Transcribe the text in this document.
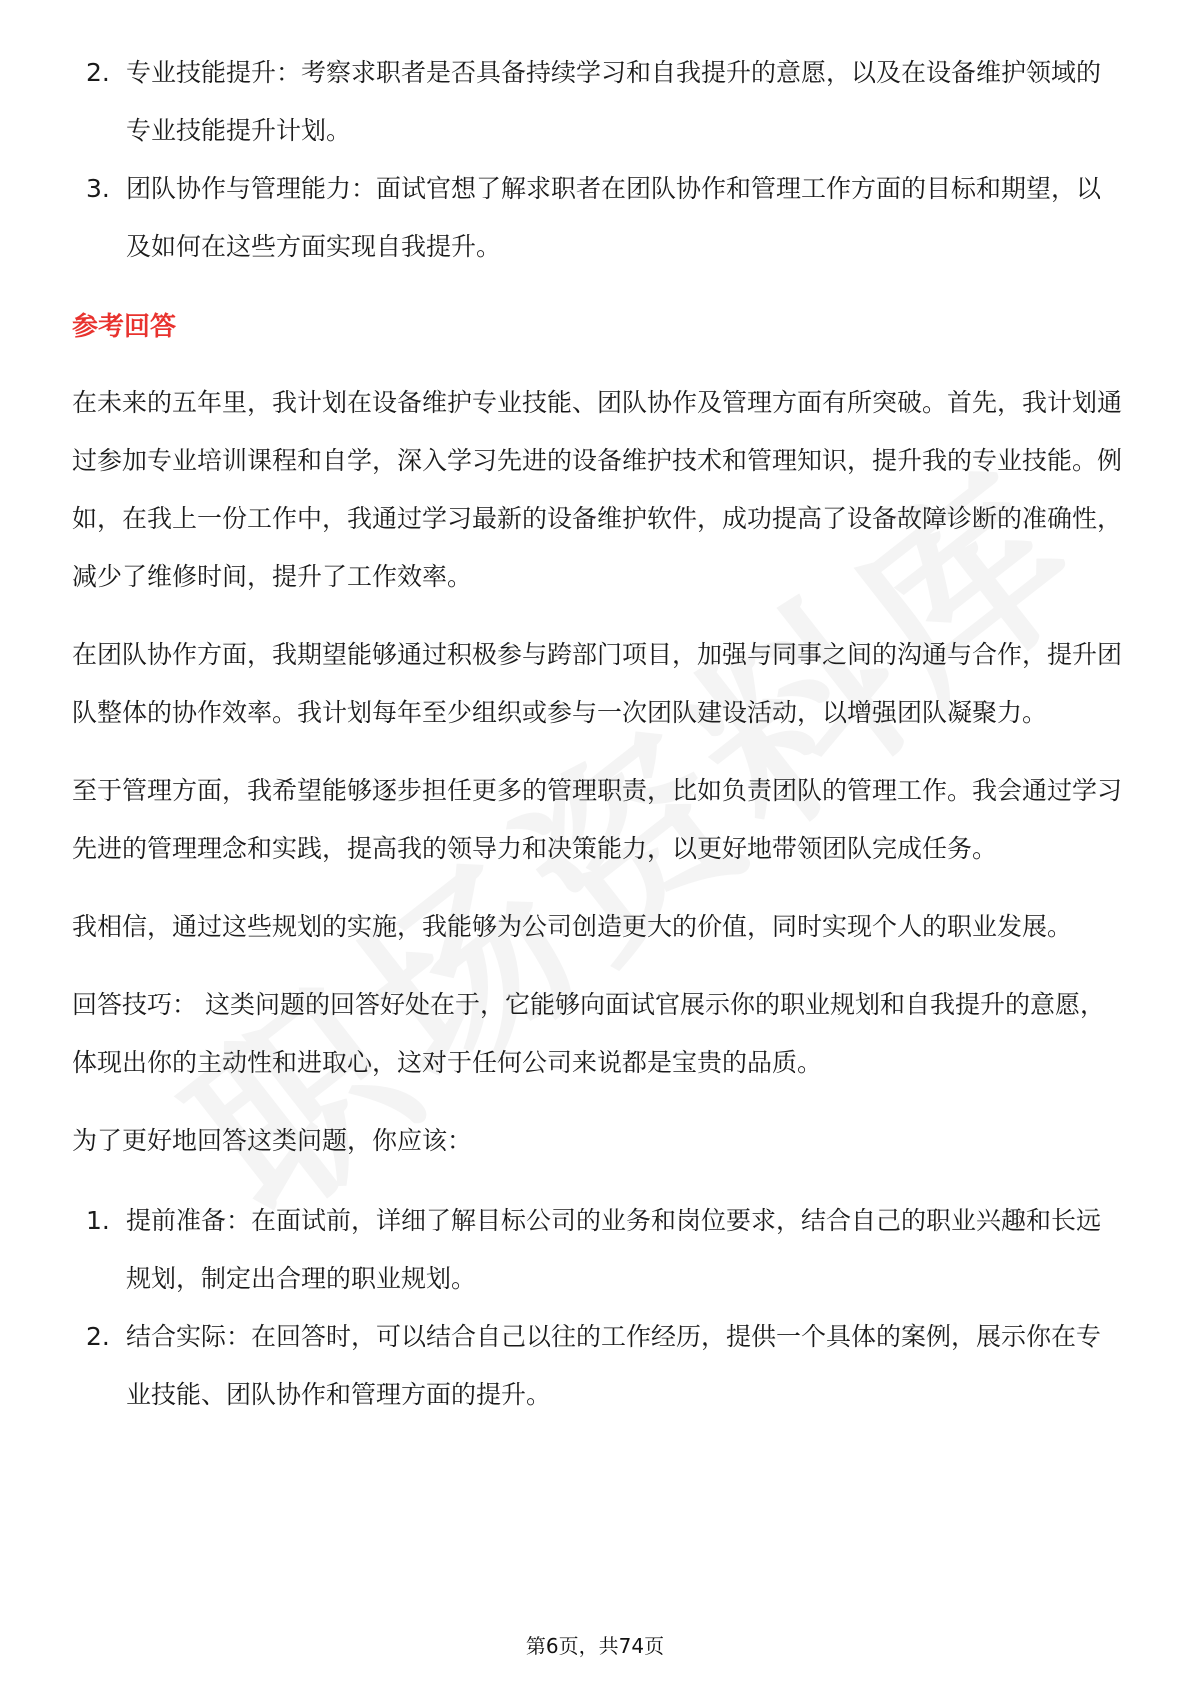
2. 专业技能提升：考察求职者是否具备持续学习和自我提升的意愿，以及在设备维护领域的专业技能提升计划。
3. 团队协作与管理能力：面试官想了解求职者在团队协作和管理工作方面的目标和期望，以及如何在这些方面实现自我提升。
参考回答

在未来的五年里，我计划在设备维护专业技能、团队协作及管理方面有所突破。首先，我计划通过参加专业培训课程和自学，深入学习先进的设备维护技术和管理知识，提升我的专业技能。例如，在我上一份工作中，我通过学习最新的设备维护软件，成功提高了设备故障诊断的准确性，减少了维修时间，提升了工作效率。

在团队协作方面，我期望能够通过积极参与跨部门项目，加强与同事之间的沟通与合作，提升团队整体的协作效率。我计划每年至少组织或参与一次团队建设活动，以增强团队凝聚力。

至于管理方面，我希望能够逐步担任更多的管理职责，比如负责团队的管理工作。我会通过学习先进的管理理念和实践，提高我的领导力和决策能力，以更好地带领团队完成任务。

我相信，通过这些规划的实施，我能够为公司创造更大的价值，同时实现个人的职业发展。

回答技巧： 这类问题的回答好处在于，它能够向面试官展示你的职业规划和自我提升的意愿，体现出你的主动性和进取心，这对于任何公司来说都是宝贵的品质。

为了更好地回答这类问题，你应该：

1. 提前准备：在面试前，详细了解目标公司的业务和岗位要求，结合自己的职业兴趣和长远规划，制定出合理的职业规划。
2. 结合实际：在回答时，可以结合自己以往的工作经历，提供一个具体的案例，展示你在专业技能、团队协作和管理方面的提升。
第6页，共74页
